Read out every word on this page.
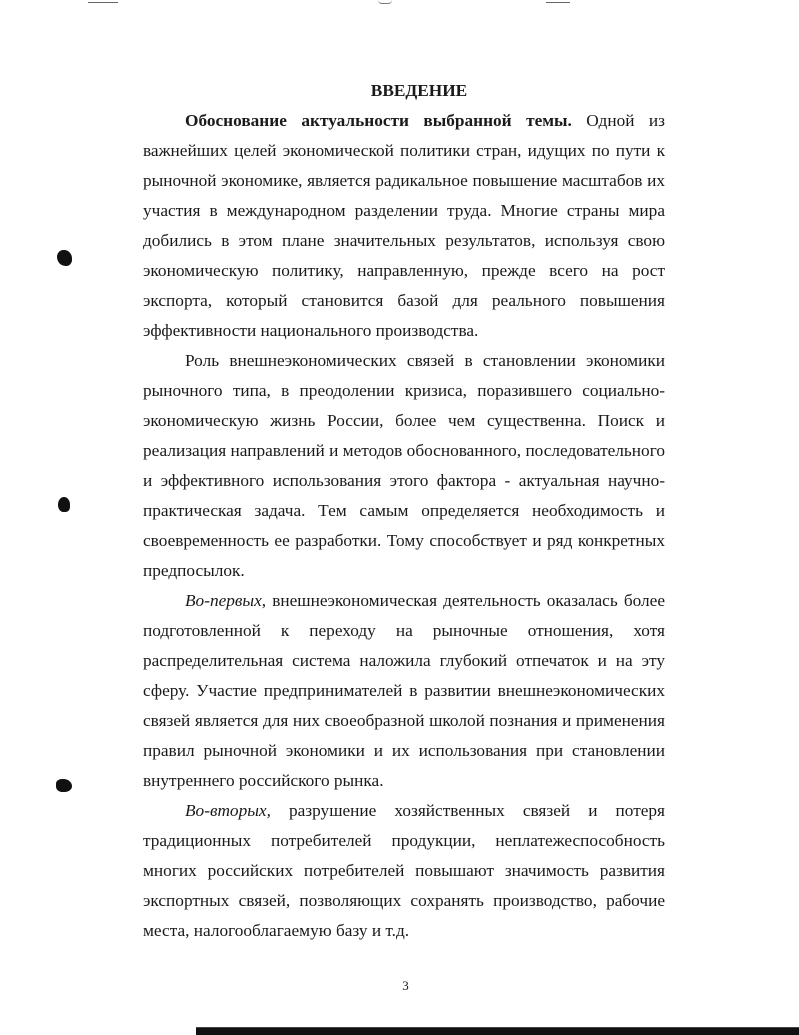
ВВЕДЕНИЕ

Обоснование актуальности выбранной темы. Одной из важнейших целей экономической политики стран, идущих по пути к рыночной экономике, является радикальное повышение масштабов их участия в международном разделении труда. Многие страны мира добились в этом плане значительных результатов, используя свою экономическую политику, направленную, прежде всего на рост экспорта, который становится базой для реального повышения эффективности национального производства.

Роль внешнеэкономических связей в становлении экономики рыночного типа, в преодолении кризиса, поразившего социально-экономическую жизнь России, более чем существенна. Поиск и реализация направлений и методов обоснованного, последовательного и эффективного использования этого фактора - актуальная научно-практическая задача. Тем самым определяется необходимость и своевременность ее разработки. Тому способствует и ряд конкретных предпосылок.

Во-первых, внешнеэкономическая деятельность оказалась более подготовленной к переходу на рыночные отношения, хотя распределительная система наложила глубокий отпечаток и на эту сферу. Участие предпринимателей в развитии внешнеэкономических связей является для них своеобразной школой познания и применения правил рыночной экономики и их использования при становлении внутреннего российского рынка.

Во-вторых, разрушение хозяйственных связей и потеря традиционных потребителей продукции, неплатежеспособность многих российских потребителей повышают значимость развития экспортных связей, позволяющих сохранять производство, рабочие места, налогооблагаемую базу и т.д.

3
